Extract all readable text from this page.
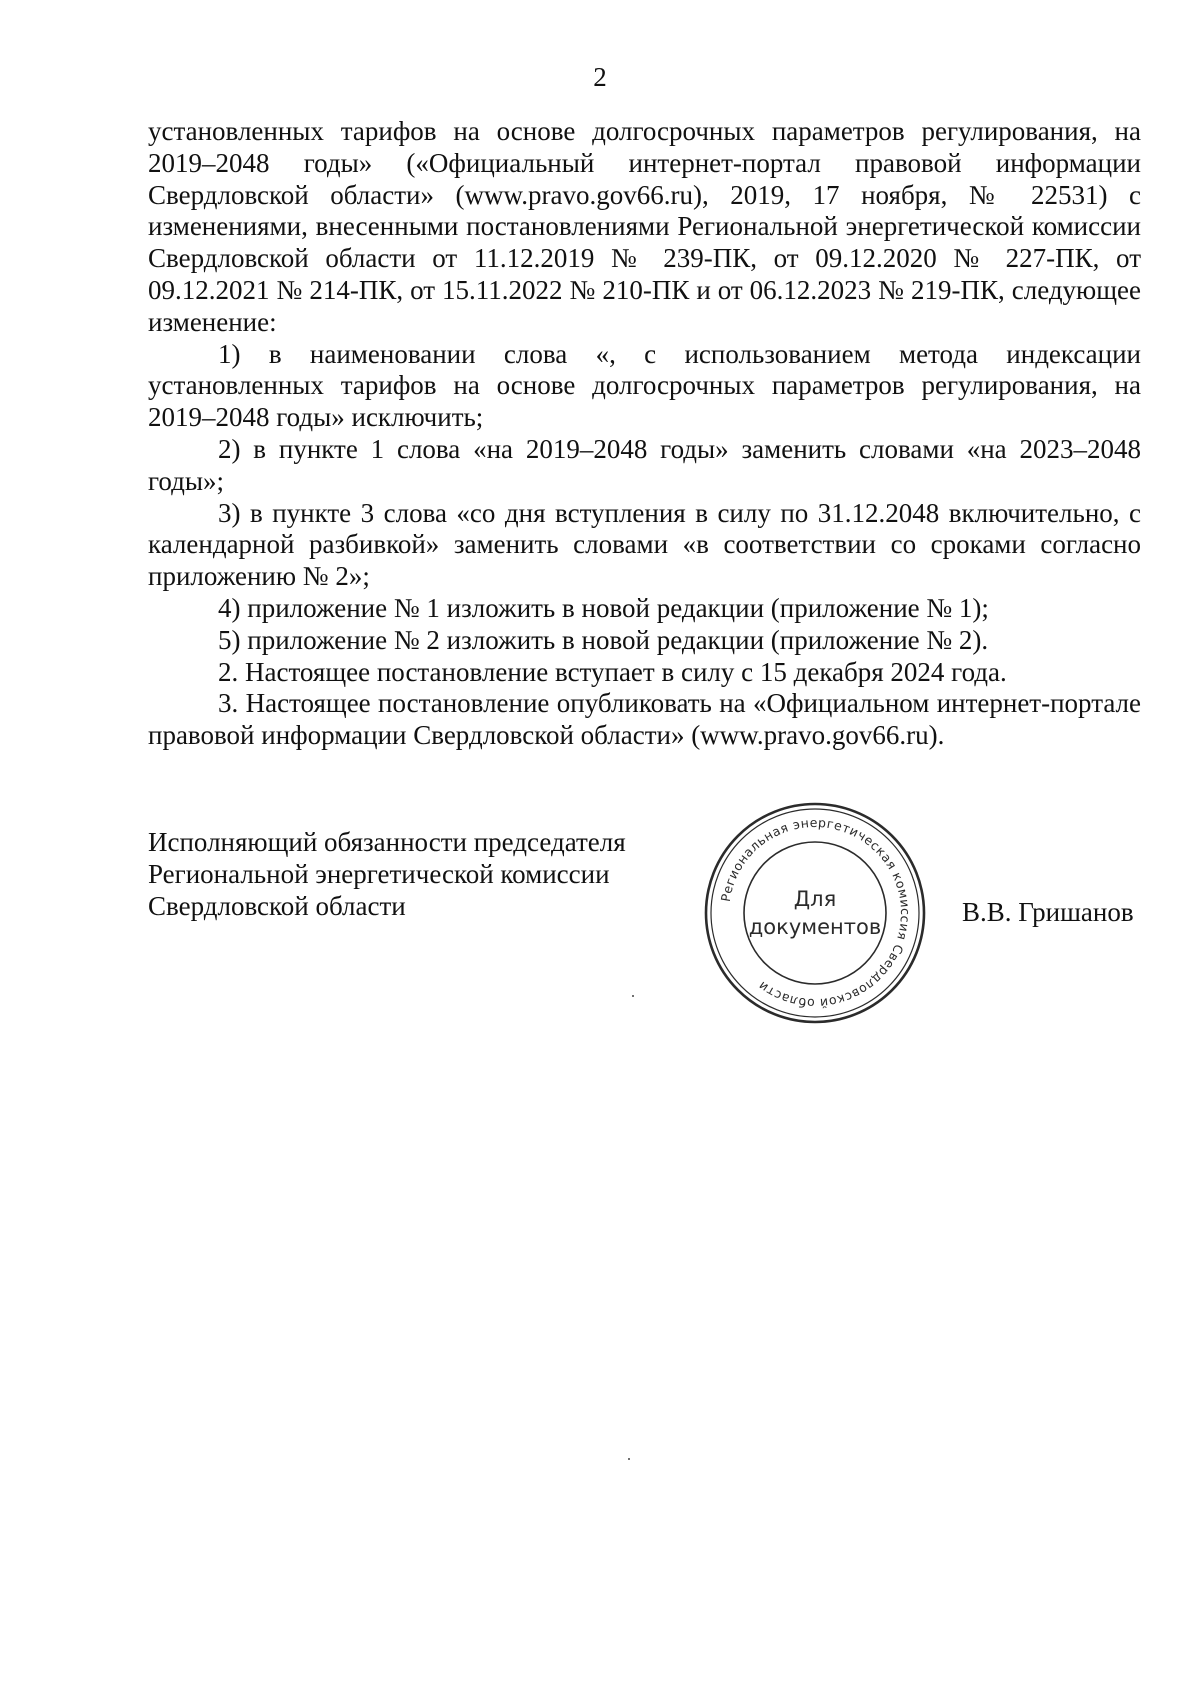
2

установленных тарифов на основе долгосрочных параметров регулирования, на 2019–2048 годы» («Официальный интернет-портал правовой информации Свердловской области» (www.pravo.gov66.ru), 2019, 17 ноября, № 22531) с изменениями, внесенными постановлениями Региональной энергетической комиссии Свердловской области от 11.12.2019 № 239-ПК, от 09.12.2020 № 227-ПК, от 09.12.2021 № 214-ПК, от 15.11.2022 № 210-ПК и от 06.12.2023 № 219-ПК, следующее изменение:

1) в наименовании слова «, с использованием метода индексации установленных тарифов на основе долгосрочных параметров регулирования, на 2019–2048 годы» исключить;

2) в пункте 1 слова «на 2019–2048 годы» заменить словами «на 2023–2048 годы»;

3) в пункте 3 слова «со дня вступления в силу по 31.12.2048 включительно, с календарной разбивкой» заменить словами «в соответствии со сроками согласно приложению № 2»;

4) приложение № 1 изложить в новой редакции (приложение № 1);

5) приложение № 2 изложить в новой редакции (приложение № 2).

2. Настоящее постановление вступает в силу с 15 декабря 2024 года.

3. Настоящее постановление опубликовать на «Официальном интернет-портале правовой информации Свердловской области» (www.pravo.gov66.ru).

Исполняющий обязанности председателя
Региональной энергетической комиссии
Свердловской области	Региональная энергетическая комиссия Свердловской области
Для
документов	В.В. Гришанов
